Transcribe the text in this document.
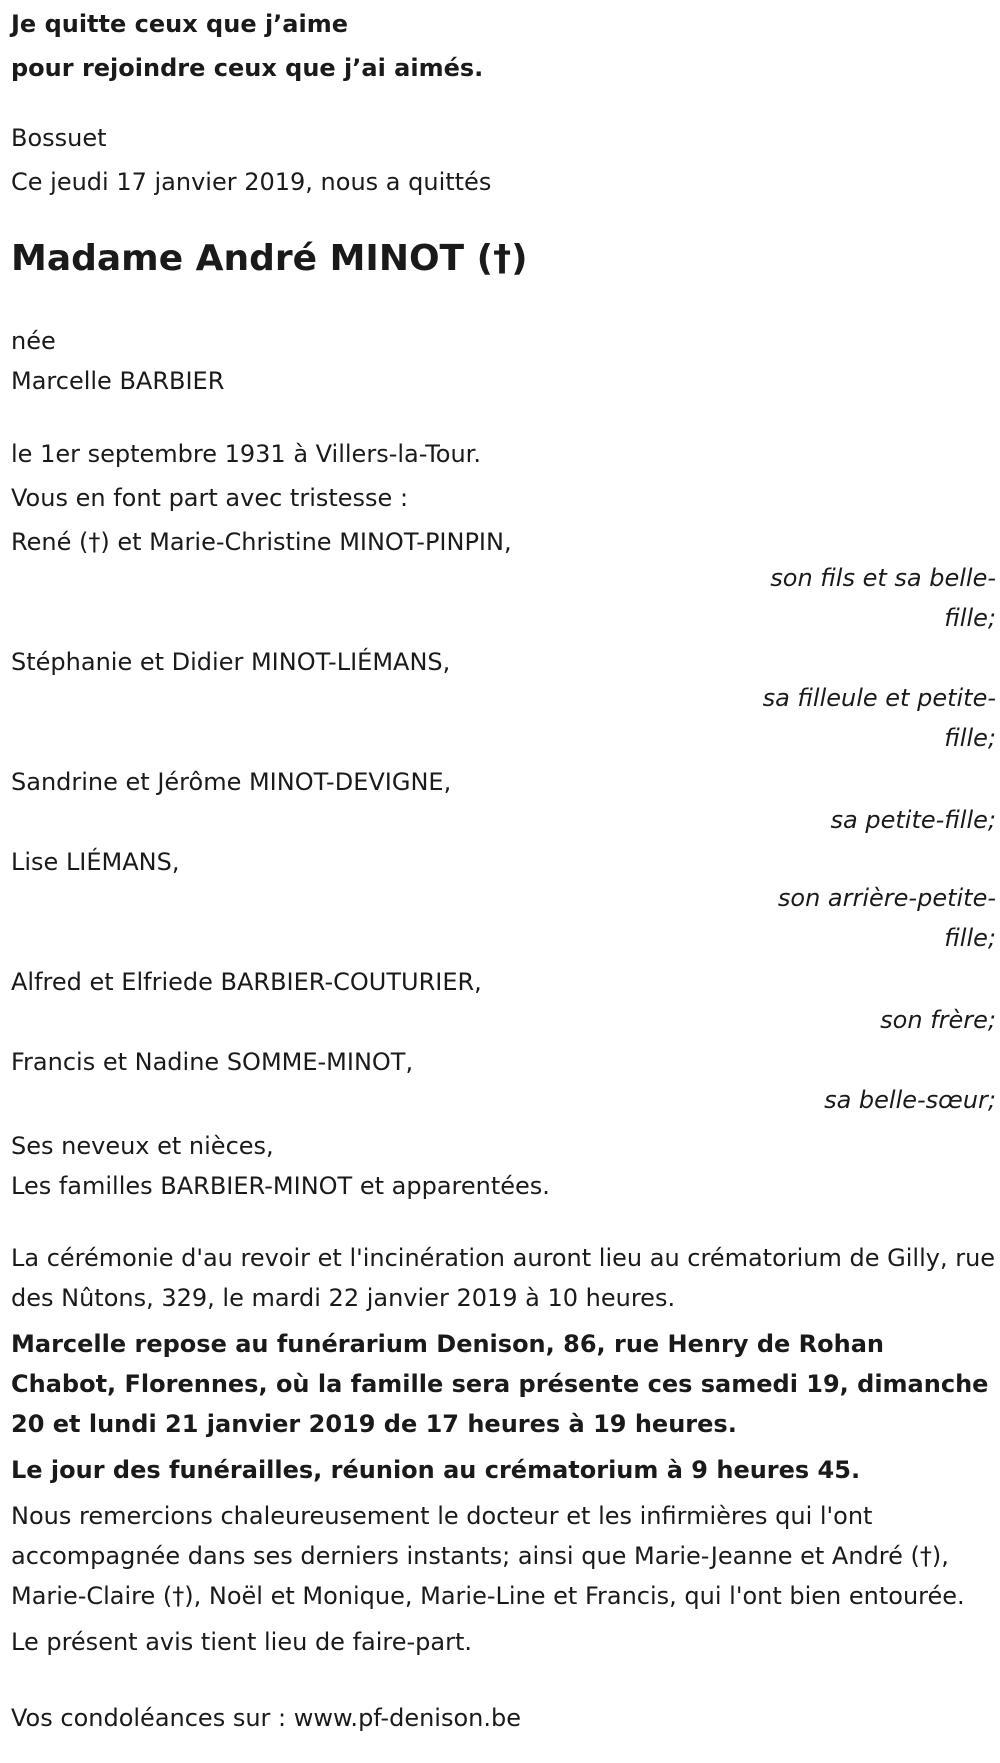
Je quitte ceux que j’aime
pour rejoindre ceux que j’ai aimés.
Bossuet
Ce jeudi 17 janvier 2019, nous a quittés
Madame André MINOT (†)
née
Marcelle BARBIER
le 1er septembre 1931 à Villers-la-Tour.
Vous en font part avec tristesse :
René (†) et Marie-Christine MINOT-PINPIN,
son fils et sa belle-fille;
Stéphanie et Didier MINOT-LIÉMANS,
sa filleule et petite-fille;
Sandrine et Jérôme MINOT-DEVIGNE,
sa petite-fille;
Lise LIÉMANS,
son arrière-petite-fille;
Alfred et Elfriede BARBIER-COUTURIER,
son frère;
Francis et Nadine SOMME-MINOT,
sa belle-sœur;
Ses neveux et nièces,
Les familles BARBIER-MINOT et apparentées.
La cérémonie d'au revoir et l'incinération auront lieu au crématorium de Gilly, rue des Nûtons, 329, le mardi 22 janvier 2019 à 10 heures.
Marcelle repose au funérarium Denison, 86, rue Henry de Rohan Chabot, Florennes, où la famille sera présente ces samedi 19, dimanche 20 et lundi 21 janvier 2019 de 17 heures à 19 heures.
Le jour des funérailles, réunion au crématorium à 9 heures 45.
Nous remercions chaleureusement le docteur et les infirmières qui l'ont accompagnée dans ses derniers instants; ainsi que Marie-Jeanne et André (†), Marie-Claire (†), Noël et Monique, Marie-Line et Francis, qui l'ont bien entourée.
Le présent avis tient lieu de faire-part.
Vos condoléances sur : www.pf-denison.be
